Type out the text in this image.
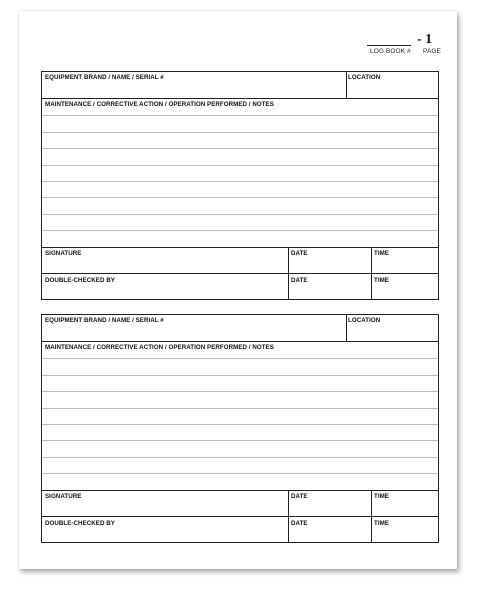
- 1
LOG BOOK # PAGE
EQUIPMENT BRAND / NAME / SERIAL #	LOCATION
MAINTENANCE / CORRECTIVE ACTION / OPERATION PERFORMED / NOTES
SIGNATURE	DATE	TIME
DOUBLE-CHECKED BY	DATE	TIME
EQUIPMENT BRAND / NAME / SERIAL #	LOCATION
MAINTENANCE / CORRECTIVE ACTION / OPERATION PERFORMED / NOTES
SIGNATURE	DATE	TIME
DOUBLE-CHECKED BY	DATE	TIME
